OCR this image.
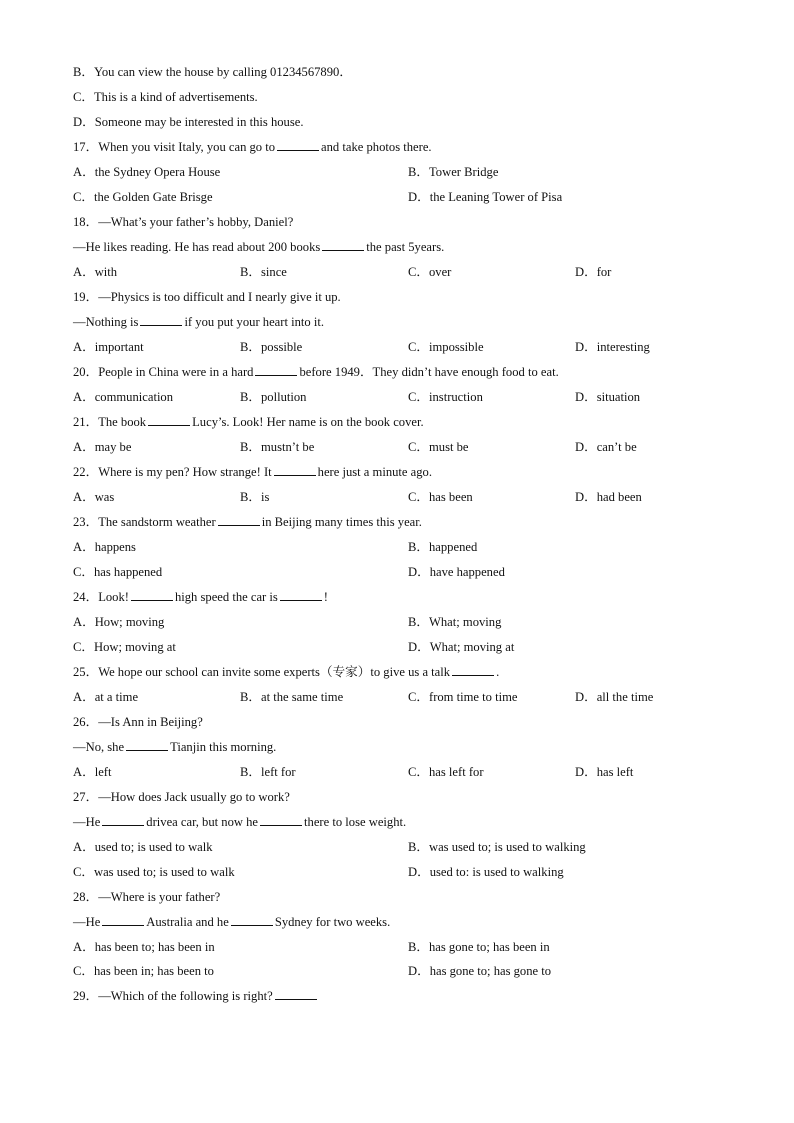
B．You can view the house by calling 01234567890．
C．This is a kind of advertisements.
D．Someone may be interested in this house.
17．When you visit Italy, you can go to	and take photos there.
A．the Sydney Opera House	B．Tower Bridge
C．the Golden Gate Brisge	D．the Leaning Tower of Pisa
18．—What’s your father’s hobby, Daniel?
—He likes reading. He has read about 200 books	the past 5years.
A．with	B．since	C．over	D．for
19．—Physics is too difficult and I nearly give it up.
—Nothing is	if you put your heart into it.
A．important	B．possible	C．impossible	D．interesting
20．People in China were in a hard	before 1949．They didn’t have enough food to eat.
A．communication	B．pollution	C．instruction	D．situation
21．The book	Lucy’s. Look! Her name is on the book cover.
A．may be	B．mustn’t be	C．must be	D．can’t be
22．Where is my pen? How strange! It	here just a minute ago.
A．was	B．is	C．has been	D．had been
23．The sandstorm weather	in Beijing many times this year.
A．happens	B．happened
C．has happened	D．have happened
24．Look!	high speed the car is	!
A．How; moving	B．What; moving
C．How; moving at	D．What; moving at
25．We hope our school can invite some experts（专家）to give us a talk	.
A．at a time	B．at the same time	C．from time to time	D．all the time
26．—Is Ann in Beijing?
—No, she	Tianjin this morning.
A．left	B．left for	C．has left for	D．has left
27．—How does Jack usually go to work?
—He	drivea car, but now he	there to lose weight.
A．used to; is used to walk	B．was used to; is used to walking
C．was used to; is used to walk	D．used to: is used to walking
28．—Where is your father?
—He	Australia and he	Sydney for two weeks.
A．has been to; has been in	B．has gone to; has been in
C．has been in; has been to	D．has gone to; has gone to
29．—Which of the following is right?
